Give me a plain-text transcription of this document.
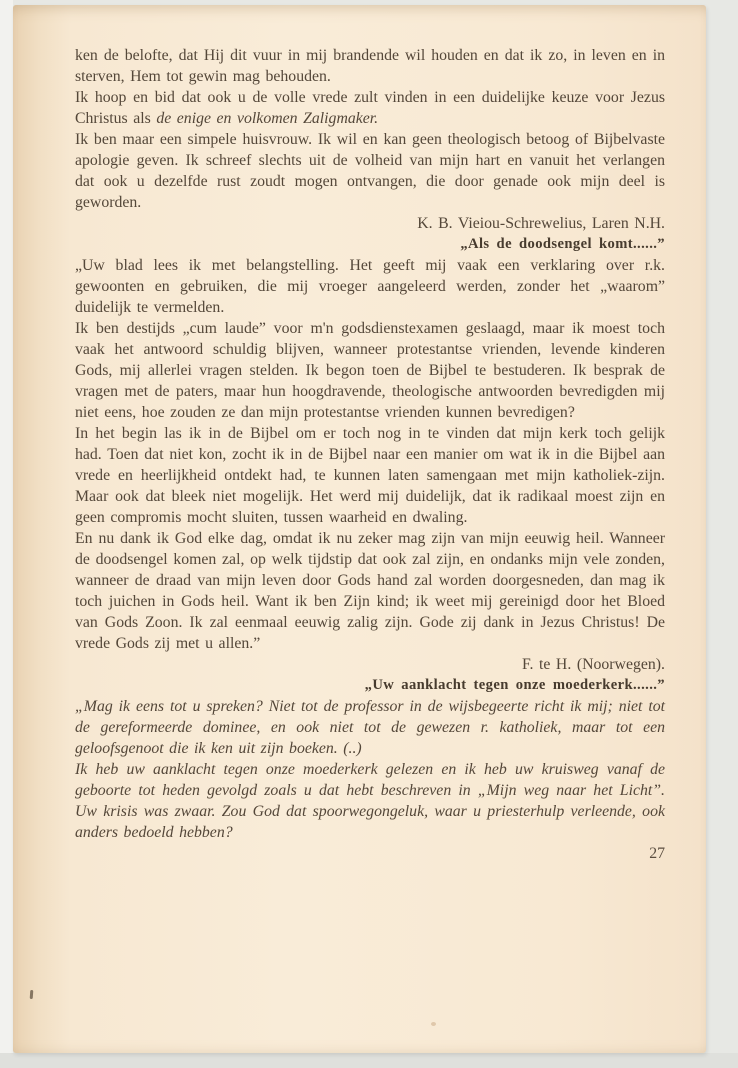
ken de belofte, dat Hij dit vuur in mij brandende wil houden en dat ik zo, in leven en in sterven, Hem tot gewin mag behouden.

Ik hoop en bid dat ook u de volle vrede zult vinden in een duidelijke keuze voor Jezus Christus als de enige en volkomen Zaligmaker.

Ik ben maar een simpele huisvrouw. Ik wil en kan geen theologisch betoog of Bijbelvaste apologie geven. Ik schreef slechts uit de volheid van mijn hart en vanuit het verlangen dat ook u dezelfde rust zoudt mogen ontvangen, die door genade ook mijn deel is geworden.

K. B. Vieiou-Schrewelius, Laren N.H.

„Als de doodsengel komt......”

„Uw blad lees ik met belangstelling. Het geeft mij vaak een verklaring over r.k. gewoonten en gebruiken, die mij vroeger aangeleerd werden, zonder het „waarom” duidelijk te vermelden.

Ik ben destijds „cum laude” voor m'n godsdienstexamen geslaagd, maar ik moest toch vaak het antwoord schuldig blijven, wanneer protestantse vrienden, levende kinderen Gods, mij allerlei vragen stelden. Ik begon toen de Bijbel te bestuderen. Ik besprak de vragen met de paters, maar hun hoogdravende, theologische antwoorden bevredigden mij niet eens, hoe zouden ze dan mijn protestantse vrienden kunnen bevredigen?

In het begin las ik in de Bijbel om er toch nog in te vinden dat mijn kerk toch gelijk had. Toen dat niet kon, zocht ik in de Bijbel naar een manier om wat ik in die Bijbel aan vrede en heerlijkheid ontdekt had, te kunnen laten samengaan met mijn katholiek-zijn. Maar ook dat bleek niet mogelijk. Het werd mij duidelijk, dat ik radikaal moest zijn en geen compromis mocht sluiten, tussen waarheid en dwaling.

En nu dank ik God elke dag, omdat ik nu zeker mag zijn van mijn eeuwig heil. Wanneer de doodsengel komen zal, op welk tijdstip dat ook zal zijn, en ondanks mijn vele zonden, wanneer de draad van mijn leven door Gods hand zal worden doorgesneden, dan mag ik toch juichen in Gods heil. Want ik ben Zijn kind; ik weet mij gereinigd door het Bloed van Gods Zoon. Ik zal eenmaal eeuwig zalig zijn. Gode zij dank in Jezus Christus! De vrede Gods zij met u allen.”

F. te H. (Noorwegen).

„Uw aanklacht tegen onze moederkerk......”

„Mag ik eens tot u spreken? Niet tot de professor in de wijsbegeerte richt ik mij; niet tot de gereformeerde dominee, en ook niet tot de gewezen r. katholiek, maar tot een geloofsgenoot die ik ken uit zijn boeken. (..)

Ik heb uw aanklacht tegen onze moederkerk gelezen en ik heb uw kruisweg vanaf de geboorte tot heden gevolgd zoals u dat hebt beschreven in „Mijn weg naar het Licht”. Uw krisis was zwaar. Zou God dat spoorwegongeluk, waar u priesterhulp verleende, ook anders bedoeld hebben?

27
